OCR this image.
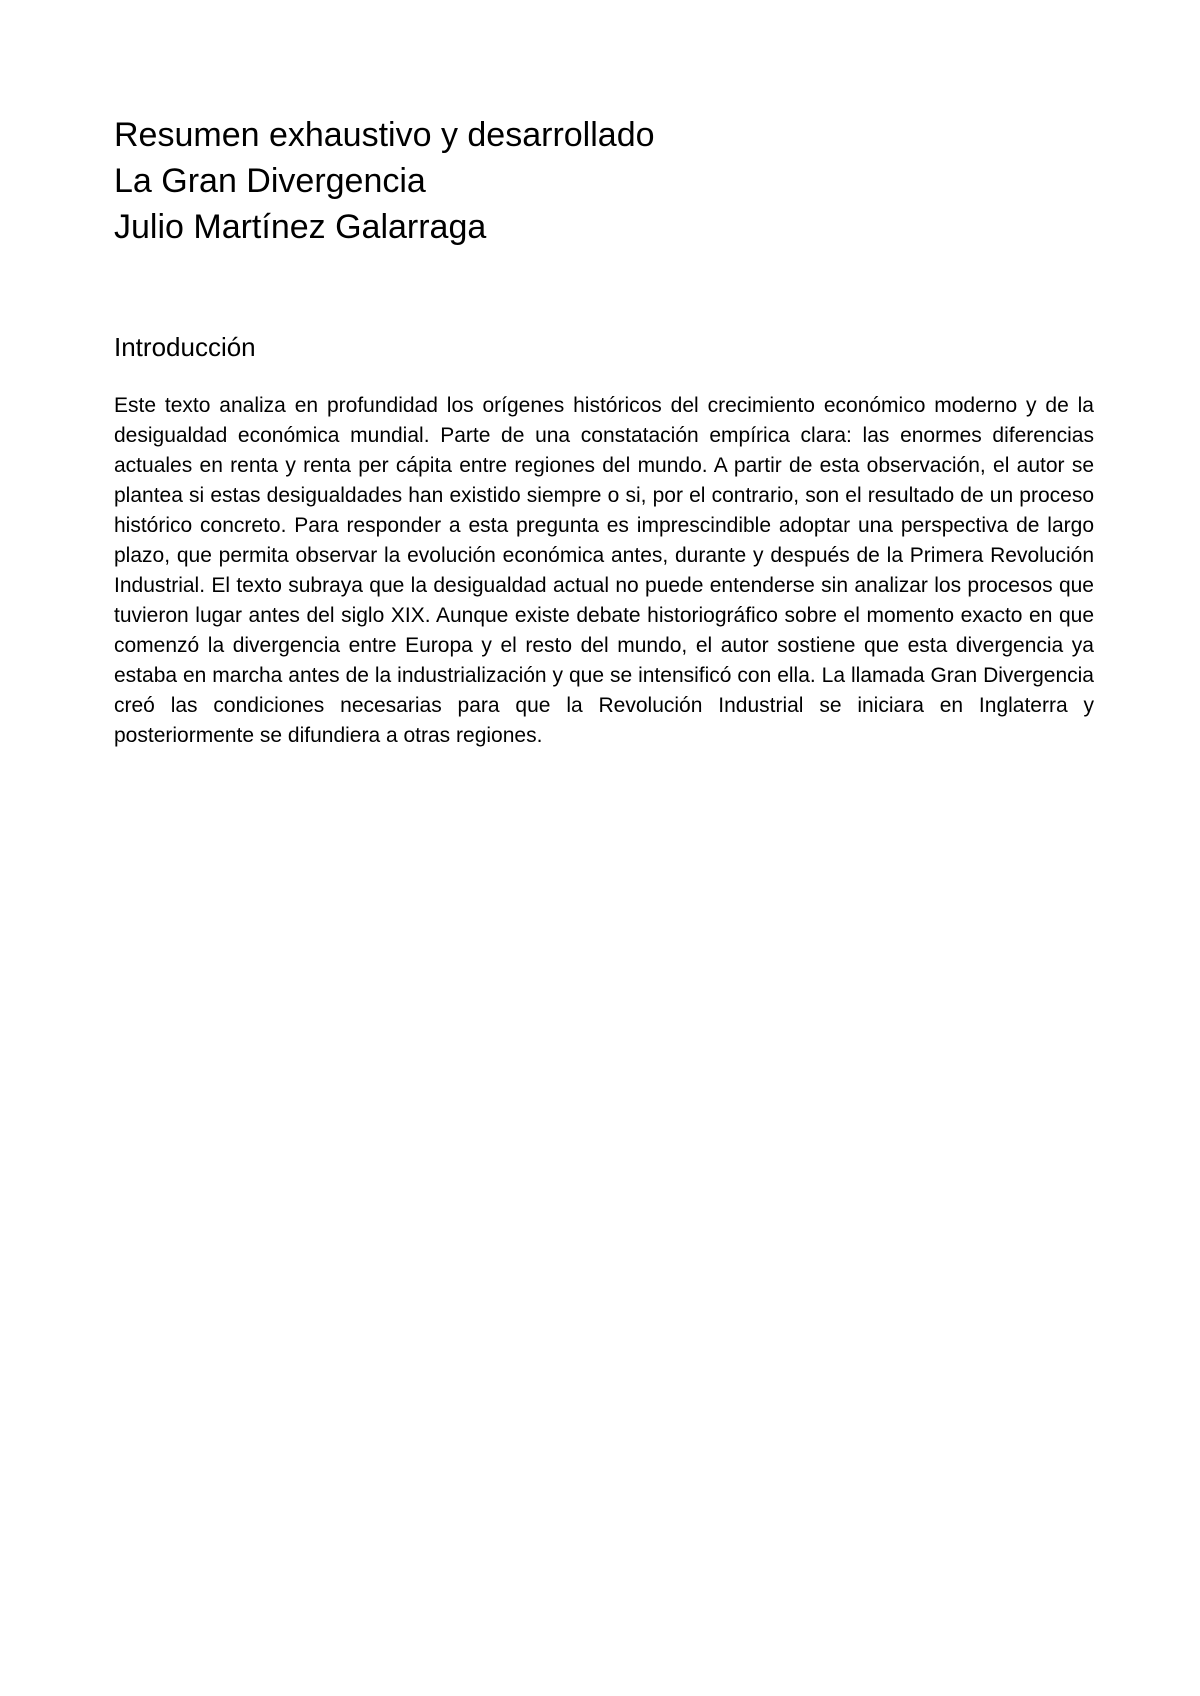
Resumen exhaustivo y desarrollado
La Gran Divergencia
Julio Martínez Galarraga
Introducción

Este texto analiza en profundidad los orígenes históricos del crecimiento económico moderno y de la desigualdad económica mundial. Parte de una constatación empírica clara: las enormes diferencias actuales en renta y renta per cápita entre regiones del mundo. A partir de esta observación, el autor se plantea si estas desigualdades han existido siempre o si, por el contrario, son el resultado de un proceso histórico concreto. Para responder a esta pregunta es imprescindible adoptar una perspectiva de largo plazo, que permita observar la evolución económica antes, durante y después de la Primera Revolución Industrial. El texto subraya que la desigualdad actual no puede entenderse sin analizar los procesos que tuvieron lugar antes del siglo XIX. Aunque existe debate historiográfico sobre el momento exacto en que comenzó la divergencia entre Europa y el resto del mundo, el autor sostiene que esta divergencia ya estaba en marcha antes de la industrialización y que se intensificó con ella. La llamada Gran Divergencia creó las condiciones necesarias para que la Revolución Industrial se iniciara en Inglaterra y posteriormente se difundiera a otras regiones.
